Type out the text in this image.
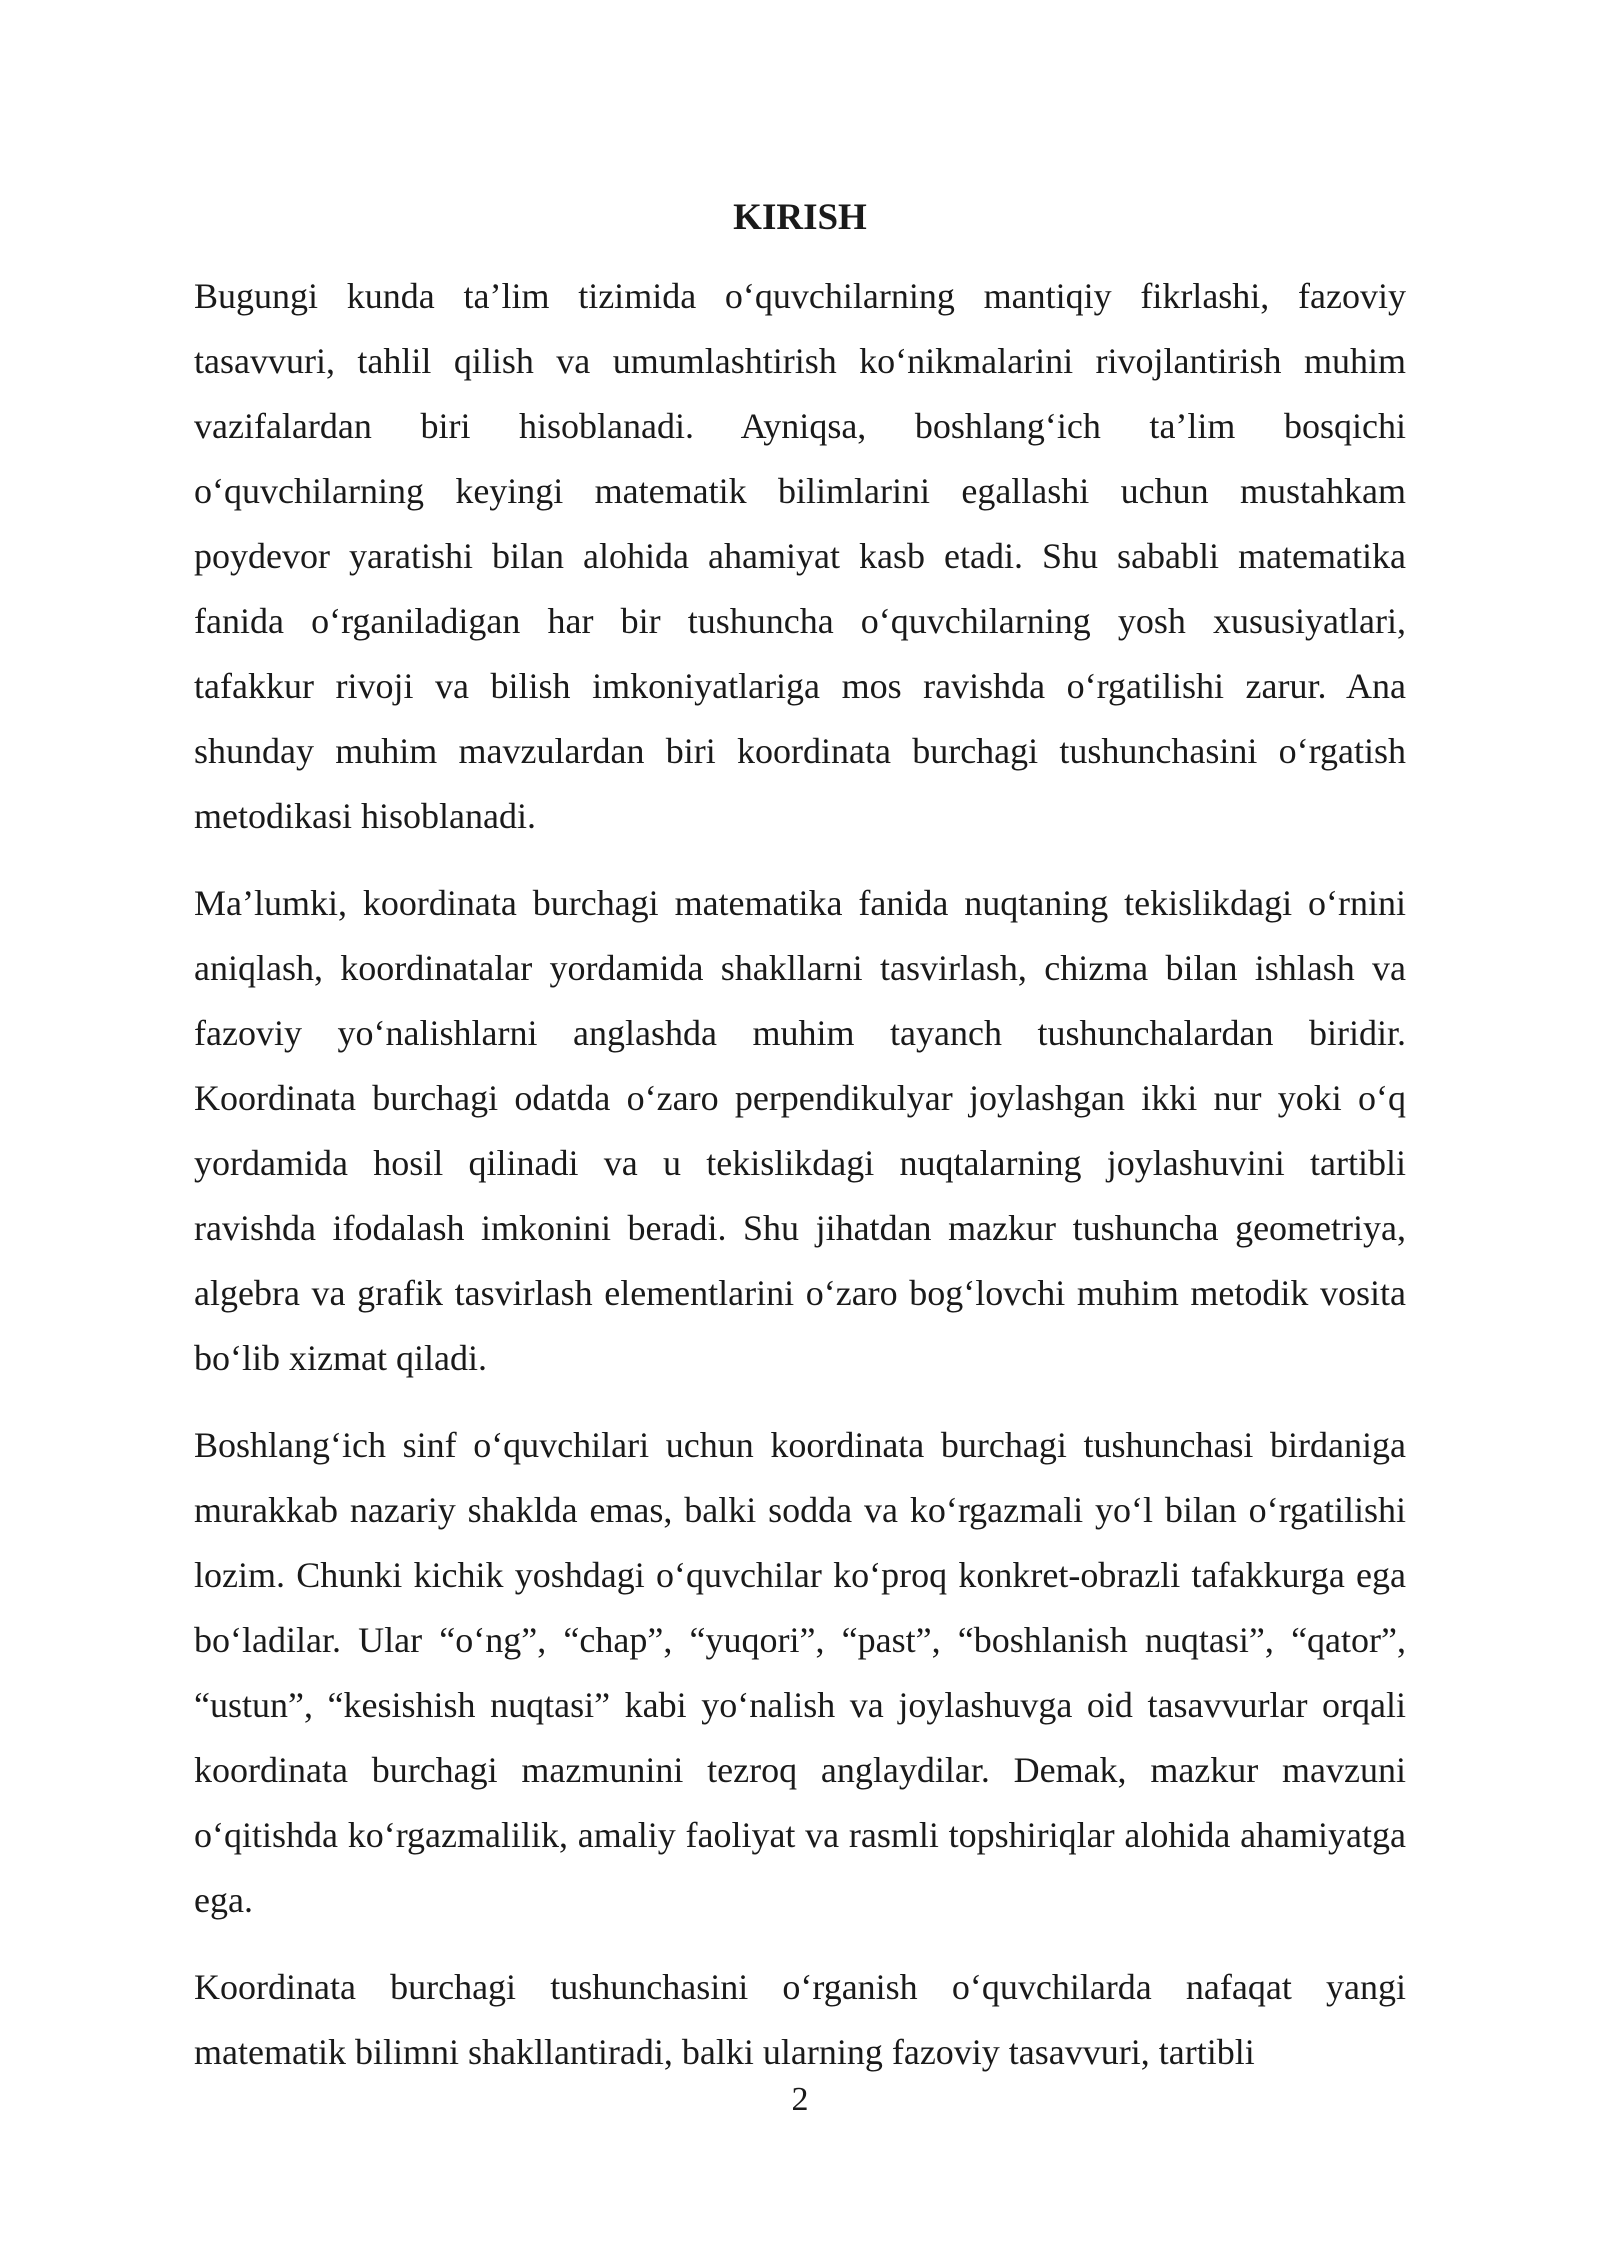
KIRISH

Bugungi kunda ta’lim tizimida o‘quvchilarning mantiqiy fikrlashi, fazoviy tasavvuri, tahlil qilish va umumlashtirish ko‘nikmalarini rivojlantirish muhim vazifalardan biri hisoblanadi. Ayniqsa, boshlang‘ich ta’lim bosqichi o‘quvchilarning keyingi matematik bilimlarini egallashi uchun mustahkam poydevor yaratishi bilan alohida ahamiyat kasb etadi. Shu sababli matematika fanida o‘rganiladigan har bir tushuncha o‘quvchilarning yosh xususiyatlari, tafakkur rivoji va bilish imkoniyatlariga mos ravishda o‘rgatilishi zarur. Ana shunday muhim mavzulardan biri koordinata burchagi tushunchasini o‘rgatish metodikasi hisoblanadi.

Ma’lumki, koordinata burchagi matematika fanida nuqtaning tekislikdagi o‘rnini aniqlash, koordinatalar yordamida shakllarni tasvirlash, chizma bilan ishlash va fazoviy yo‘nalishlarni anglashda muhim tayanch tushunchalardan biridir. Koordinata burchagi odatda o‘zaro perpendikulyar joylashgan ikki nur yoki o‘q yordamida hosil qilinadi va u tekislikdagi nuqtalarning joylashuvini tartibli ravishda ifodalash imkonini beradi. Shu jihatdan mazkur tushuncha geometriya, algebra va grafik tasvirlash elementlarini o‘zaro bog‘lovchi muhim metodik vosita bo‘lib xizmat qiladi.

Boshlang‘ich sinf o‘quvchilari uchun koordinata burchagi tushunchasi birdaniga murakkab nazariy shaklda emas, balki sodda va ko‘rgazmali yo‘l bilan o‘rgatilishi lozim. Chunki kichik yoshdagi o‘quvchilar ko‘proq konkret-obrazli tafakkurga ega bo‘ladilar. Ular “o‘ng”, “chap”, “yuqori”, “past”, “boshlanish nuqtasi”, “qator”, “ustun”, “kesishish nuqtasi” kabi yo‘nalish va joylashuvga oid tasavvurlar orqali koordinata burchagi mazmunini tezroq anglaydilar. Demak, mazkur mavzuni o‘qitishda ko‘rgazmalilik, amaliy faoliyat va rasmli topshiriqlar alohida ahamiyatga ega.

Koordinata burchagi tushunchasini o‘rganish o‘quvchilarda nafaqat yangi matematik bilimni shakllantiradi, balki ularning fazoviy tasavvuri, tartibli

2
